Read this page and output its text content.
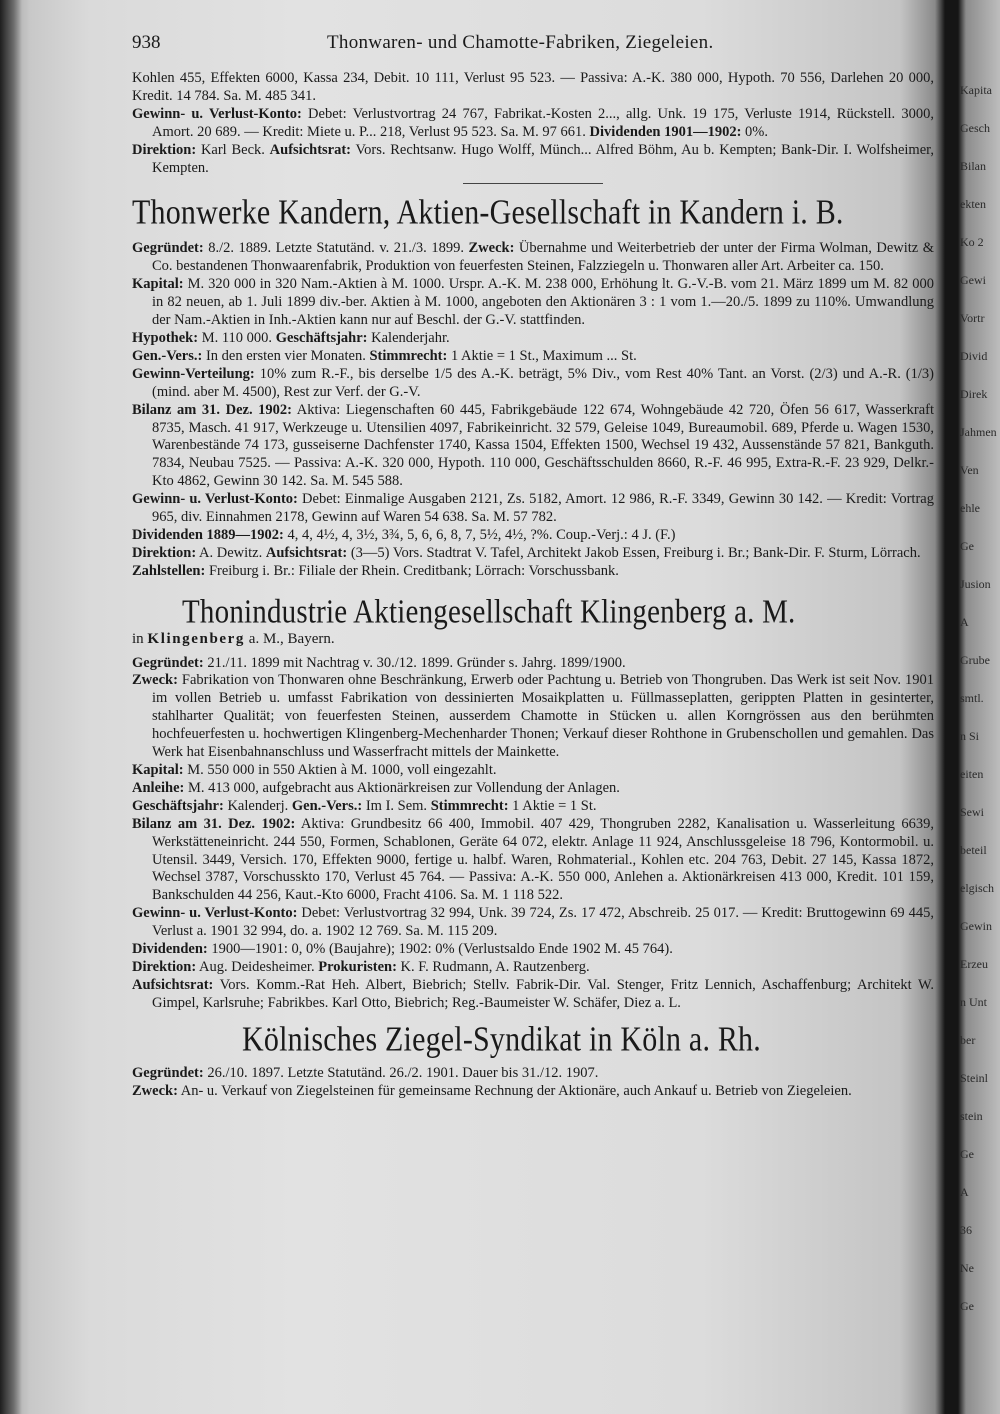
938	Thonwaren- und Chamotte-Fabriken, Ziegeleien.

Kohlen 455, Effekten 6000, Kassa 234, Debit. 10 111, Verlust 95 523. — Passiva: A.-K. 380 000, Hypoth. 70 556, Darlehen 20 000, Kredit. 14 784. Sa. M. 485 341.

Gewinn- u. Verlust-Konto: Debet: Verlustvortrag 24 767, Fabrikat.-Kosten 2..., allg. Unk. 19 175, Verluste 1914, Rückstell. 3000, Amort. 20 689. — Kredit: Miete u. P... 218, Verlust 95 523. Sa. M. 97 661. Dividenden 1901—1902: 0%.

Direktion: Karl Beck. Aufsichtsrat: Vors. Rechtsanw. Hugo Wolff, Münch... Alfred Böhm, Au b. Kempten; Bank-Dir. I. Wolfsheimer, Kempten.

Thonwerke Kandern, Aktien-Gesellschaft in Kandern i. B.

Gegründet: 8./2. 1889. Letzte Statutänd. v. 21./3. 1899. Zweck: Übernahme und Weiterbetrieb der unter der Firma Wolman, Dewitz & Co. bestandenen Thonwaarenfabrik, Produktion von feuerfesten Steinen, Falzziegeln u. Thonwaren aller Art. Arbeiter ca. 150.

Kapital: M. 320 000 in 320 Nam.-Aktien à M. 1000. Urspr. A.-K. M. 238 000, Erhöhung lt. G.-V.-B. vom 21. März 1899 um M. 82 000 in 82 neuen, ab 1. Juli 1899 div.-ber. Aktien à M. 1000, angeboten den Aktionären 3 : 1 vom 1.—20./5. 1899 zu 110%. Umwandlung der Nam.-Aktien in Inh.-Aktien kann nur auf Beschl. der G.-V. stattfinden.

Hypothek: M. 110 000. Geschäftsjahr: Kalenderjahr.

Gen.-Vers.: In den ersten vier Monaten. Stimmrecht: 1 Aktie = 1 St., Maximum ... St.

Gewinn-Verteilung: 10% zum R.-F., bis derselbe 1/5 des A.-K. beträgt, 5% Div., vom Rest 40% Tant. an Vorst. (2/3) und A.-R. (1/3) (mind. aber M. 4500), Rest zur Verf. der G.-V.

Bilanz am 31. Dez. 1902: Aktiva: Liegenschaften 60 445, Fabrikgebäude 122 674, Wohngebäude 42 720, Öfen 56 617, Wasserkraft 8735, Masch. 41 917, Werkzeuge u. Utensilien 4097, Fabrikeinricht. 32 579, Geleise 1049, Bureaumobil. 689, Pferde u. Wagen 1530, Warenbestände 74 173, gusseiserne Dachfenster 1740, Kassa 1504, Effekten 1500, Wechsel 19 432, Aussenstände 57 821, Bankguth. 7834, Neubau 7525. — Passiva: A.-K. 320 000, Hypoth. 110 000, Geschäftsschulden 8660, R.-F. 46 995, Extra-R.-F. 23 929, Delkr.-Kto 4862, Gewinn 30 142. Sa. M. 545 588.

Gewinn- u. Verlust-Konto: Debet: Einmalige Ausgaben 2121, Zs. 5182, Amort. 12 986, R.-F. 3349, Gewinn 30 142. — Kredit: Vortrag 965, div. Einnahmen 2178, Gewinn auf Waren 54 638. Sa. M. 57 782.

Dividenden 1889—1902: 4, 4, 4½, 4, 3½, 3¾, 5, 6, 6, 8, 7, 5½, 4½, ?%. Coup.-Verj.: 4 J. (F.)

Direktion: A. Dewitz. Aufsichtsrat: (3—5) Vors. Stadtrat V. Tafel, Architekt Jakob Essen, Freiburg i. Br.; Bank-Dir. F. Sturm, Lörrach.

Zahlstellen: Freiburg i. Br.: Filiale der Rhein. Creditbank; Lörrach: Vorschussbank.

Thonindustrie Aktiengesellschaft Klingenberg a. M.

in Klingenberg a. M., Bayern.

Gegründet: 21./11. 1899 mit Nachtrag v. 30./12. 1899. Gründer s. Jahrg. 1899/1900.

Zweck: Fabrikation von Thonwaren ohne Beschränkung, Erwerb oder Pachtung u. Betrieb von Thongruben. Das Werk ist seit Nov. 1901 im vollen Betrieb u. umfasst Fabrikation von dessinierten Mosaikplatten u. Füllmasseplatten, gerippten Platten in gesinterter, stahlharter Qualität; von feuerfesten Steinen, ausserdem Chamotte in Stücken u. allen Korngrössen aus den berühmten hochfeuerfesten u. hochwertigen Klingenberg-Mechenharder Thonen; Verkauf dieser Rohthone in Grubenschollen und gemahlen. Das Werk hat Eisenbahnanschluss und Wasserfracht mittels der Mainkette.

Kapital: M. 550 000 in 550 Aktien à M. 1000, voll eingezahlt.

Anleihe: M. 413 000, aufgebracht aus Aktionärkreisen zur Vollendung der Anlagen.

Geschäftsjahr: Kalenderj. Gen.-Vers.: Im I. Sem. Stimmrecht: 1 Aktie = 1 St.

Bilanz am 31. Dez. 1902: Aktiva: Grundbesitz 66 400, Immobil. 407 429, Thongruben 2282, Kanalisation u. Wasserleitung 6639, Werkstätteneinricht. 244 550, Formen, Schablonen, Geräte 64 072, elektr. Anlage 11 924, Anschlussgeleise 18 796, Kontormobil. u. Utensil. 3449, Versich. 170, Effekten 9000, fertige u. halbf. Waren, Rohmaterial., Kohlen etc. 204 763, Debit. 27 145, Kassa 1872, Wechsel 3787, Vorschusskto 170, Verlust 45 764. — Passiva: A.-K. 550 000, Anlehen a. Aktionärkreisen 413 000, Kredit. 101 159, Bankschulden 44 256, Kaut.-Kto 6000, Fracht 4106. Sa. M. 1 118 522.

Gewinn- u. Verlust-Konto: Debet: Verlustvortrag 32 994, Unk. 39 724, Zs. 17 472, Abschreib. 25 017. — Kredit: Bruttogewinn 69 445, Verlust a. 1901 32 994, do. a. 1902 12 769. Sa. M. 115 209.

Dividenden: 1900—1901: 0, 0% (Baujahre); 1902: 0% (Verlustsaldo Ende 1902 M. 45 764).

Direktion: Aug. Deidesheimer. Prokuristen: K. F. Rudmann, A. Rautzenberg.

Aufsichtsrat: Vors. Komm.-Rat Heh. Albert, Biebrich; Stellv. Fabrik-Dir. Val. Stenger, Fritz Lennich, Aschaffenburg; Architekt W. Gimpel, Karlsruhe; Fabrikbes. Karl Otto, Biebrich; Reg.-Baumeister W. Schäfer, Diez a. L.

Kölnisches Ziegel-Syndikat in Köln a. Rh.

Gegründet: 26./10. 1897. Letzte Statutänd. 26./2. 1901. Dauer bis 31./12. 1907.

Zweck: An- u. Verkauf von Ziegelsteinen für gemeinsame Rechnung der Aktionäre, auch Ankauf u. Betrieb von Ziegeleien.

Kapita
Gesch
Bilan
ekten
Ko 2
Gewi
Vortr
Divid
Direk
Jahmen
Ven
ehle
Ge
Jusion
A
Grube
smtl.
n Si
eiten
Sewi
beteil
elgisch
Gewin
Erzeu
n Unt
ber
Steinl
stein
Ge
A
36
Ne
Ge
